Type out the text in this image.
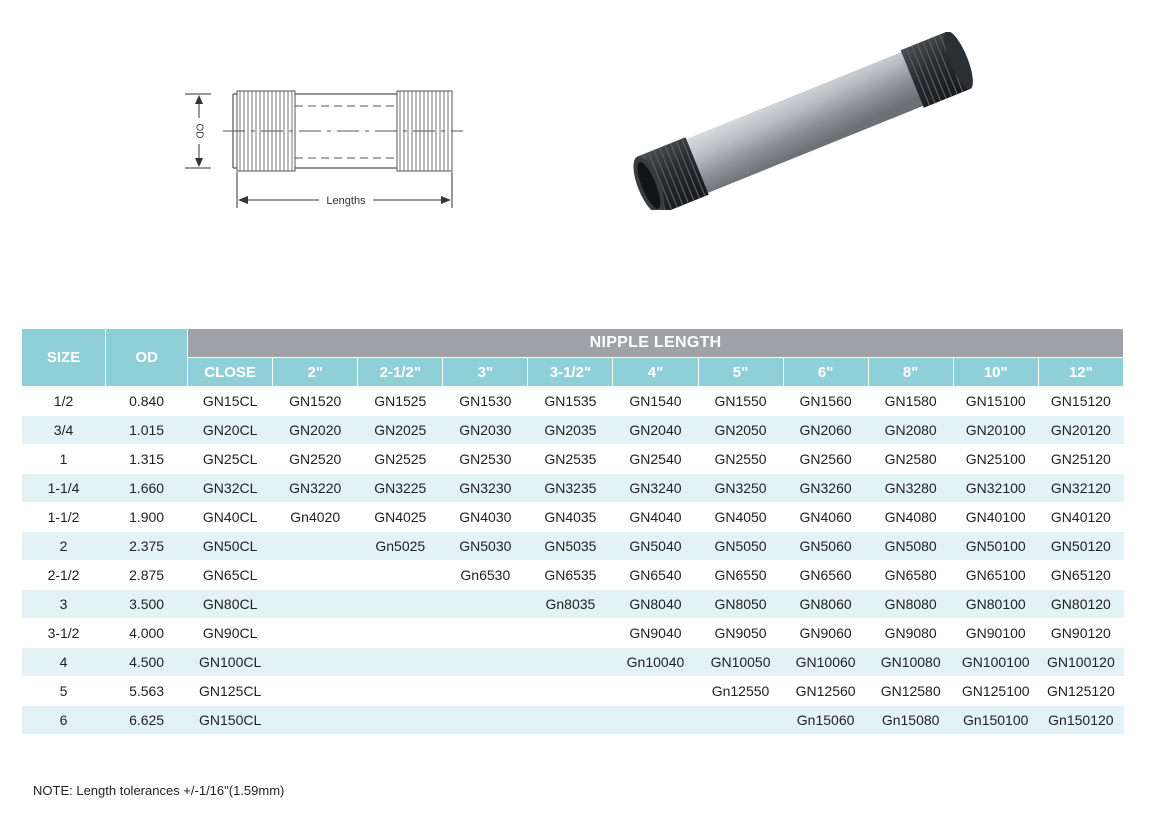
OD
Lengths
SIZE	OD	NIPPLE LENGTH										
		CLOSE	2"	2-1/2"	3"	3-1/2"	4"	5"	6"	8"	10"	12"
1/2	0.840	GN15CL	GN1520	GN1525	GN1530	GN1535	GN1540	GN1550	GN1560	GN1580	GN15100	GN15120
3/4	1.015	GN20CL	GN2020	GN2025	GN2030	GN2035	GN2040	GN2050	GN2060	GN2080	GN20100	GN20120
1	1.315	GN25CL	GN2520	GN2525	GN2530	GN2535	GN2540	GN2550	GN2560	GN2580	GN25100	GN25120
1-1/4	1.660	GN32CL	GN3220	GN3225	GN3230	GN3235	GN3240	GN3250	GN3260	GN3280	GN32100	GN32120
1-1/2	1.900	GN40CL	Gn4020	GN4025	GN4030	GN4035	GN4040	GN4050	GN4060	GN4080	GN40100	GN40120
2	2.375	GN50CL		Gn5025	GN5030	GN5035	GN5040	GN5050	GN5060	GN5080	GN50100	GN50120
2-1/2	2.875	GN65CL			Gn6530	GN6535	GN6540	GN6550	GN6560	GN6580	GN65100	GN65120
3	3.500	GN80CL				Gn8035	GN8040	GN8050	GN8060	GN8080	GN80100	GN80120
3-1/2	4.000	GN90CL					GN9040	GN9050	GN9060	GN9080	GN90100	GN90120
4	4.500	GN100CL					Gn10040	GN10050	GN10060	GN10080	GN100100	GN100120
5	5.563	GN125CL						Gn12550	GN12560	GN12580	GN125100	GN125120
6	6.625	GN150CL							Gn15060	Gn15080	Gn150100	Gn150120
NOTE: Length tolerances +/-1/16"(1.59mm)
